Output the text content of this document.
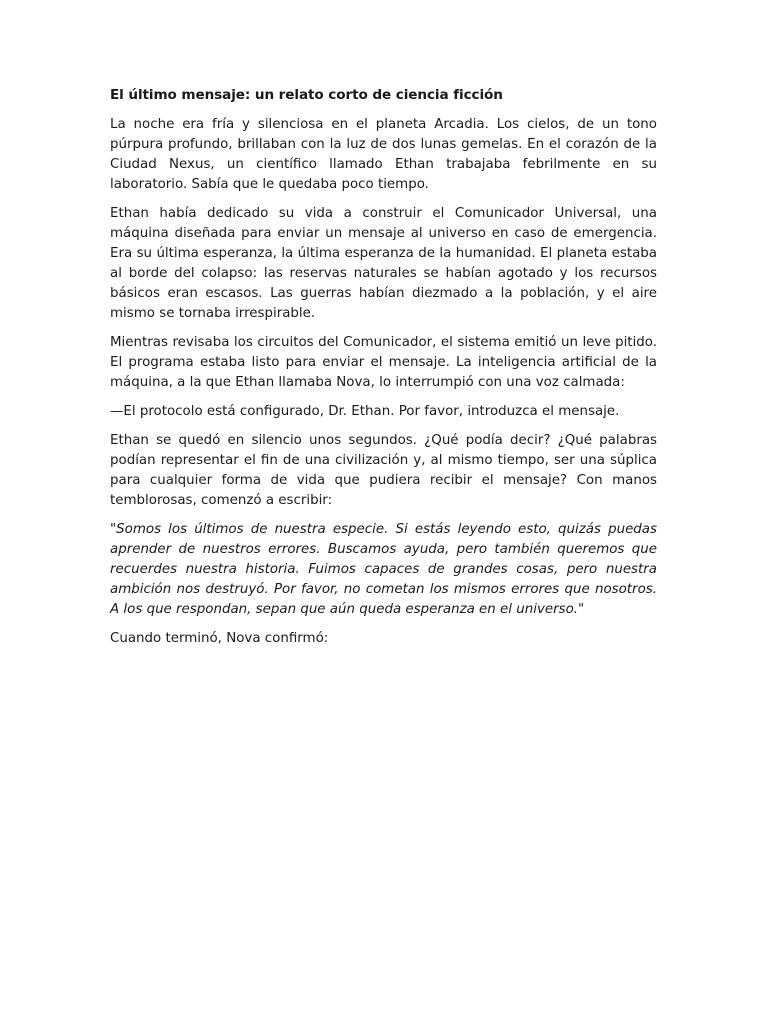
El último mensaje: un relato corto de ciencia ficción

La noche era fría y silenciosa en el planeta Arcadia. Los cielos, de un tono púrpura profundo, brillaban con la luz de dos lunas gemelas. En el corazón de la Ciudad Nexus, un científico llamado Ethan trabajaba febrilmente en su laboratorio. Sabía que le quedaba poco tiempo.

Ethan había dedicado su vida a construir el Comunicador Universal, una máquina diseñada para enviar un mensaje al universo en caso de emergencia. Era su última esperanza, la última esperanza de la humanidad. El planeta estaba al borde del colapso: las reservas naturales se habían agotado y los recursos básicos eran escasos. Las guerras habían diezmado a la población, y el aire mismo se tornaba irrespirable.

Mientras revisaba los circuitos del Comunicador, el sistema emitió un leve pitido. El programa estaba listo para enviar el mensaje. La inteligencia artificial de la máquina, a la que Ethan llamaba Nova, lo interrumpió con una voz calmada:

—El protocolo está configurado, Dr. Ethan. Por favor, introduzca el mensaje.

Ethan se quedó en silencio unos segundos. ¿Qué podía decir? ¿Qué palabras podían representar el fin de una civilización y, al mismo tiempo, ser una súplica para cualquier forma de vida que pudiera recibir el mensaje? Con manos temblorosas, comenzó a escribir:

"Somos los últimos de nuestra especie. Si estás leyendo esto, quizás puedas aprender de nuestros errores. Buscamos ayuda, pero también queremos que recuerdes nuestra historia. Fuimos capaces de grandes cosas, pero nuestra ambición nos destruyó. Por favor, no cometan los mismos errores que nosotros. A los que respondan, sepan que aún queda esperanza en el universo."

Cuando terminó, Nova confirmó:
